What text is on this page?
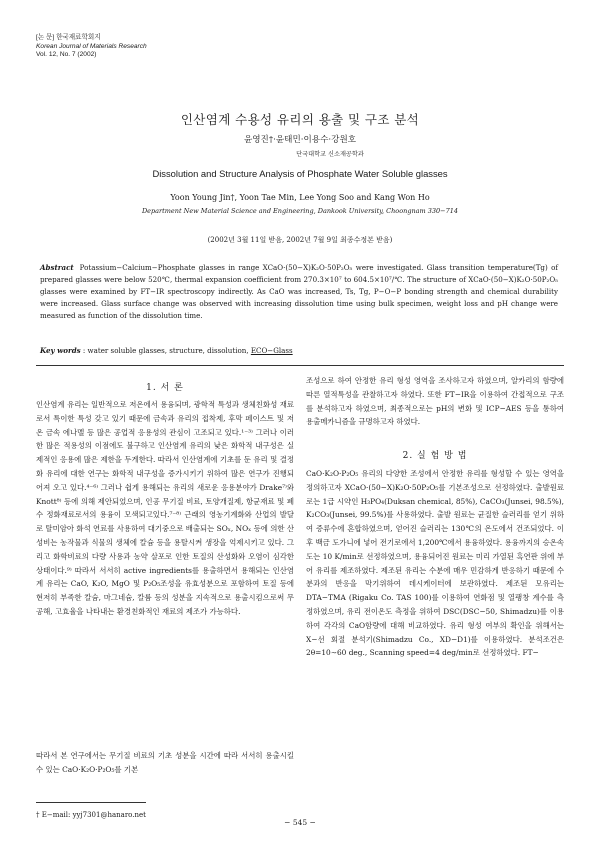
[논 문] 한국재료학회지
Korean Journal of Materials Research
Vol. 12, No. 7 (2002)
인산염계 수용성 유리의 용출 및 구조 분석
윤영진†·윤태민·이용수·강원호
단국대학교 신소재공학과
Dissolution and Structure Analysis of Phosphate Water Soluble glasses
Yoon Young Jin†, Yoon Tae Min, Lee Yong Soo and Kang Won Ho
Department New Material Science and Engineering, Dankook University, Choongnam 330−714
(2002년 3월 11일 받음, 2002년 7월 9일 최종수정본 받음)

Abstract Potassium−Calcium−Phosphate glasses in range XCaO·(50−X)K₂O·50P₂O₅ were investigated. Glass transition temperature(Tg) of prepared glasses were below 520℃, thermal expansion coefficient from 270.3×10⁷ to 604.5×10⁷/℃. The structure of XCaO·(50−X)K₂O·50P₂O₅ glasses were examined by FT−IR spectroscopy indirectly. As CaO was increased, Ts, Tg, P−O−P bonding strength and chemical durability were increased. Glass surface change was observed with increasing dissolution time using bulk specimen, weight loss and pH change were measured as function of the dissolution time.

Key words : water soluble glasses, structure, dissolution, ECO−Glass
1. 서 론

인산염계 유리는 일반적으로 저온에서 용융되며, 광학적 특성과 생체친화성 재료로서 특이한 특성 갖고 있기 때문에 금속과 유리의 접착제, 후막 페이스트 및 저온 금속 에나멜 등 많은 공업적 응용성의 관심이 고조되고 있다.¹⁻³⁾ 그러나 이러한 많은 적용성의 이점에도 불구하고 인산염계 유리의 낮은 화학적 내구성은 실제적인 응용에 많은 제한을 두게한다. 따라서 인산염계에 기초를 둔 유리 및 결정화 유리에 대한 연구는 화학적 내구성을 증가시키기 위하여 많은 연구가 진행되어져 오고 있다.⁴⁻⁶⁾ 그러나 쉽게 용해되는 유리의 새로운 응용분야가 Drake⁷⁾와 Knott⁸⁾ 등에 의해 제안되었으며, 인공 무기질 비료, 토양개질제, 항균재료 및 폐수 정화재료로서의 용융이 모색되고있다.⁷⁻⁸⁾ 근래의 영농기계화와 산업의 발달로 탈미암아 화석 연료를 사용하여 대기중으로 배출되는 SOₓ, NOₓ 등에 의한 산성비는 농작물과 식물의 생체에 칼슘 등을 용탈시켜 생장을 억제시키고 있다. 그리고 화학비료의 다량 사용과 농약 살포로 인한 토질의 산성화와 오염이 심각한 상태이다.⁹⁾ 따라서 서서히 active ingredients를 용출하면서 용해되는 인산염계 유리는 CaO, K₂O, MgO 및 P₂O₅조성을 유효성분으로 포함하여 토질 등에 현저히 부족한 칼슘, 마그네슘, 칼륨 등의 성분을 지속적으로 용출시킴으로써 무공해, 고효율을 나타내는 환경친화적인 재료의 제조가 가능하다.

따라서 본 연구에서는 무기질 비료의 기초 성분을 시간에 따라 서서히 용출시킬 수 있는 CaO·K₂O·P₂O₅를 기본

조성으로 하여 안정한 유리 형성 영역을 조사하고자 하였으며, 알카리의 함량에 따른 열적특성을 관찰하고자 하였다. 또한 FT−IR을 이용하여 간접적으로 구조를 분석하고자 하였으며, 최종적으로는 pH의 변화 및 ICP−AES 등을 통하여 용출메카니즘을 규명하고자 하였다.

2. 실 험 방 법

CaO·K₂O·P₂O₅ 유리의 다양한 조성에서 안정한 유리를 형성할 수 있는 영역을 정의하고자 XCaO·(50−X)K₂O·50P₂O₅를 기본조성으로 선정하였다. 출발원료로는 1급 시약인 H₃PO₄(Duksan chemical, 85%), CaCO₃(Junsei, 98.5%), K₂CO₃(Junsei, 99.5%)를 사용하였다. 출발 원료는 균질한 슬러리를 얻기 위하여 증류수에 혼합하였으며, 얻어진 슬러리는 130℃의 온도에서 건조되었다. 이 후 백금 도가니에 넣어 전기로에서 1,200℃에서 용융하였다. 용융까지의 승온속도는 10 K/min로 선정하였으며, 용융되어진 원료는 미리 가열된 흑연판 위에 부어 유리를 제조하였다. 제조된 유리는 수분에 매우 민감하게 반응하기 때문에 수분과의 반응을 막기위하여 데시케이터에 보관하였다. 제조된 모유리는 DTA−TMA (Rigaku Co. TAS 100)를 이용하여 연화점 및 열팽창 계수를 측정하였으며, 유리 전이온도 측정을 위하여 DSC(DSC−50, Shimadzu)를 이용하여 각각의 CaO함량에 대해 비교하였다. 유리 형성 여부의 확인을 위해서는 X−선 회절 분석기(Shimadzu Co., XD−D1)를 이용하였다. 분석조건은 2θ=10∼60 deg., Scanning speed=4 deg/min로 선정하였다. FT−

† E−mail: yyj7301@hanaro.net
− 545 −
